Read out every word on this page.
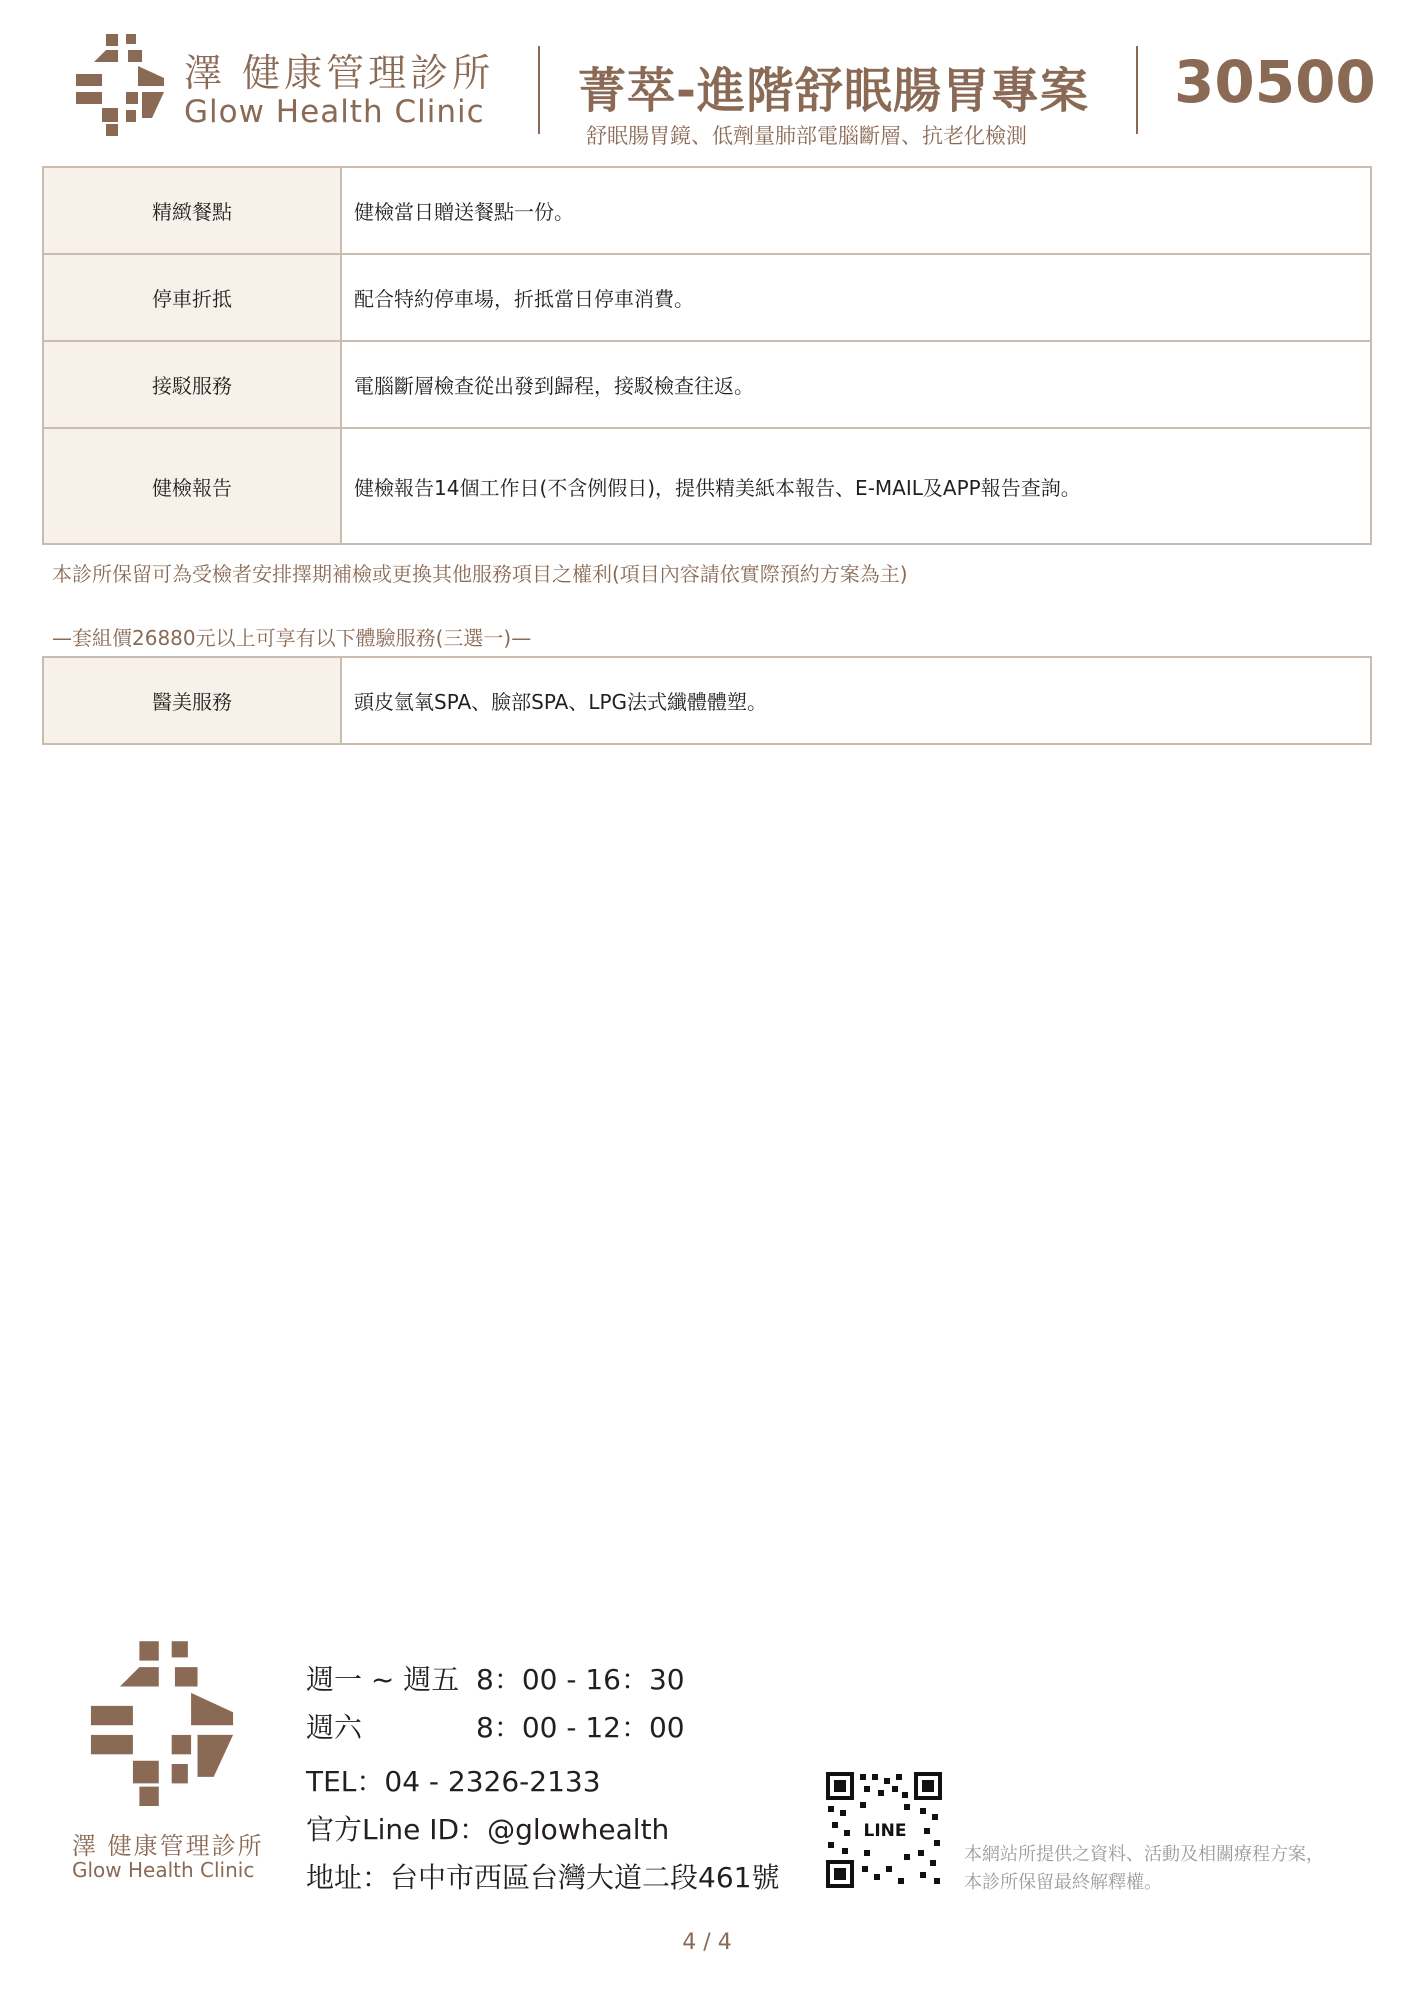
澤 健康管理診所
Glow Health Clinic 菁萃-進階舒眠腸胃專案
舒眠腸胃鏡、低劑量肺部電腦斷層、抗老化檢測
30500
精緻餐點	健檢當日贈送餐點一份。
停車折抵	配合特約停車場，折抵當日停車消費。
接駁服務	電腦斷層檢查從出發到歸程，接駁檢查往返。
健檢報告	健檢報告14個工作日(不含例假日)，提供精美紙本報告、E-MAIL及APP報告查詢。
本診所保留可為受檢者安排擇期補檢或更換其他服務項目之權利(項目內容請依實際預約方案為主)
—套組價26880元以上可享有以下體驗服務(三選一)—
醫美服務	頭皮氫氧SPA、臉部SPA、LPG法式纖體體塑。
澤 健康管理診所
Glow Health Clinic
週一 ~ 週五 8：00 - 16：30
週六	8：00 - 12：00
TEL：04 - 2326-2133
官方Line ID：@glowhealth
地址：台中市西區台灣大道二段461號
LINE
本網站所提供之資料、活動及相關療程方案，
本診所保留最終解釋權。
4 / 4
